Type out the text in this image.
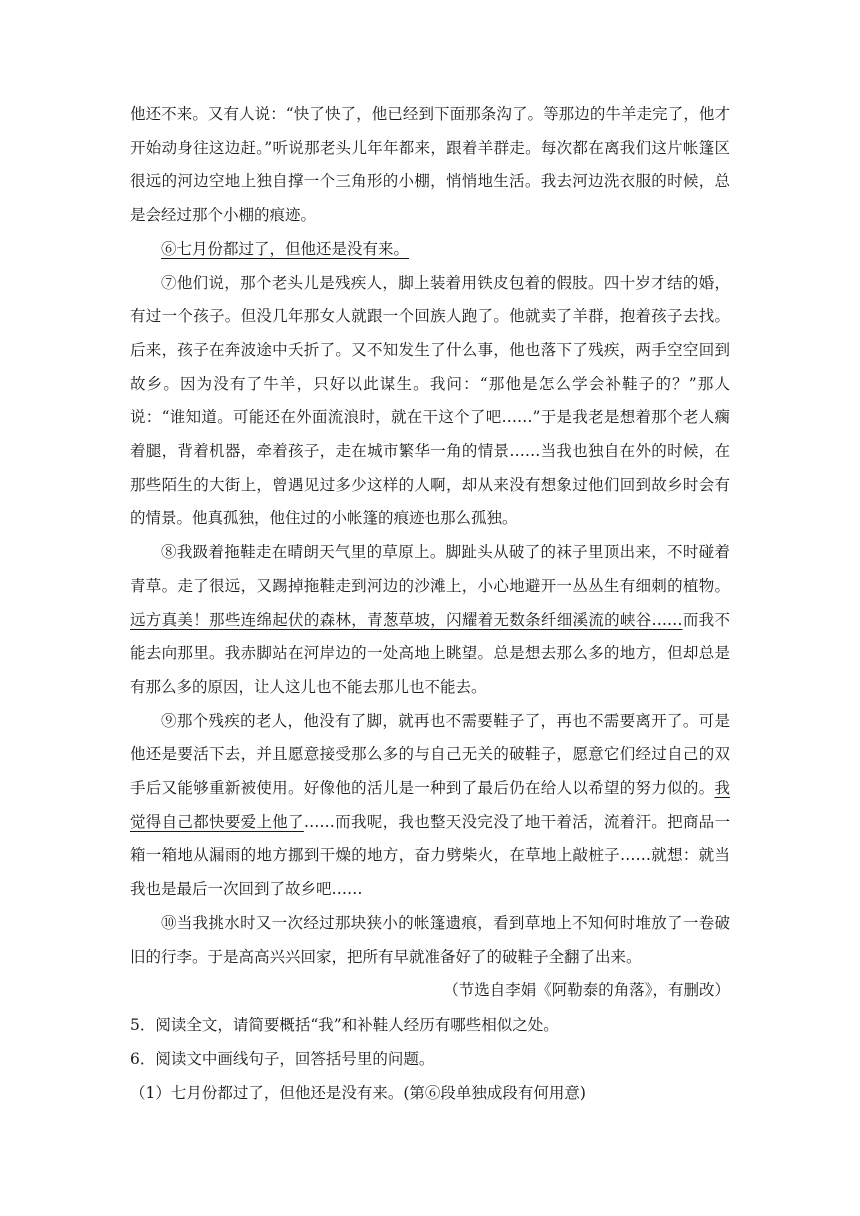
他还不来。又有人说：“快了快了，他已经到下面那条沟了。等那边的牛羊走完了，他才开始动身往这边赶。”听说那老头儿年年都来，跟着羊群走。每次都在离我们这片帐篷区很远的河边空地上独自撑一个三角形的小棚，悄悄地生活。我去河边洗衣服的时候，总是会经过那个小棚的痕迹。

⑥七月份都过了，但他还是没有来。

⑦他们说，那个老头儿是残疾人，脚上装着用铁皮包着的假肢。四十岁才结的婚，有过一个孩子。但没几年那女人就跟一个回族人跑了。他就卖了羊群，抱着孩子去找。后来，孩子在奔波途中夭折了。又不知发生了什么事，他也落下了残疾，两手空空回到故乡。因为没有了牛羊，只好以此谋生。我问：“那他是怎么学会补鞋子的？”那人说：“谁知道。可能还在外面流浪时，就在干这个了吧……”于是我老是想着那个老人瘸着腿，背着机器，牵着孩子，走在城市繁华一角的情景……当我也独自在外的时候，在那些陌生的大街上，曾遇见过多少这样的人啊，却从来没有想象过他们回到故乡时会有的情景。他真孤独，他住过的小帐篷的痕迹也那么孤独。

⑧我趿着拖鞋走在晴朗天气里的草原上。脚趾头从破了的袜子里顶出来，不时碰着青草。走了很远，又踢掉拖鞋走到河边的沙滩上，小心地避开一丛丛生有细刺的植物。远方真美！那些连绵起伏的森林，青葱草坡，闪耀着无数条纤细溪流的峡谷……而我不能去向那里。我赤脚站在河岸边的一处高地上眺望。总是想去那么多的地方，但却总是有那么多的原因，让人这儿也不能去那儿也不能去。

⑨那个残疾的老人，他没有了脚，就再也不需要鞋子了，再也不需要离开了。可是他还是要活下去，并且愿意接受那么多的与自己无关的破鞋子，愿意它们经过自己的双手后又能够重新被使用。好像他的活儿是一种到了最后仍在给人以希望的努力似的。我觉得自己都快要爱上他了……而我呢，我也整天没完没了地干着活，流着汗。把商品一箱一箱地从漏雨的地方挪到干燥的地方，奋力劈柴火，在草地上敲桩子……就想：就当我也是最后一次回到了故乡吧……

⑩当我挑水时又一次经过那块狭小的帐篷遗痕，看到草地上不知何时堆放了一卷破旧的行李。于是高高兴兴回家，把所有早就准备好了的破鞋子全翻了出来。

（节选自李娟《阿勒泰的角落》，有删改）

5．阅读全文，请简要概括“我”和补鞋人经历有哪些相似之处。

6．阅读文中画线句子，回答括号里的问题。

（1）七月份都过了，但他还是没有来。(第⑥段单独成段有何用意)
